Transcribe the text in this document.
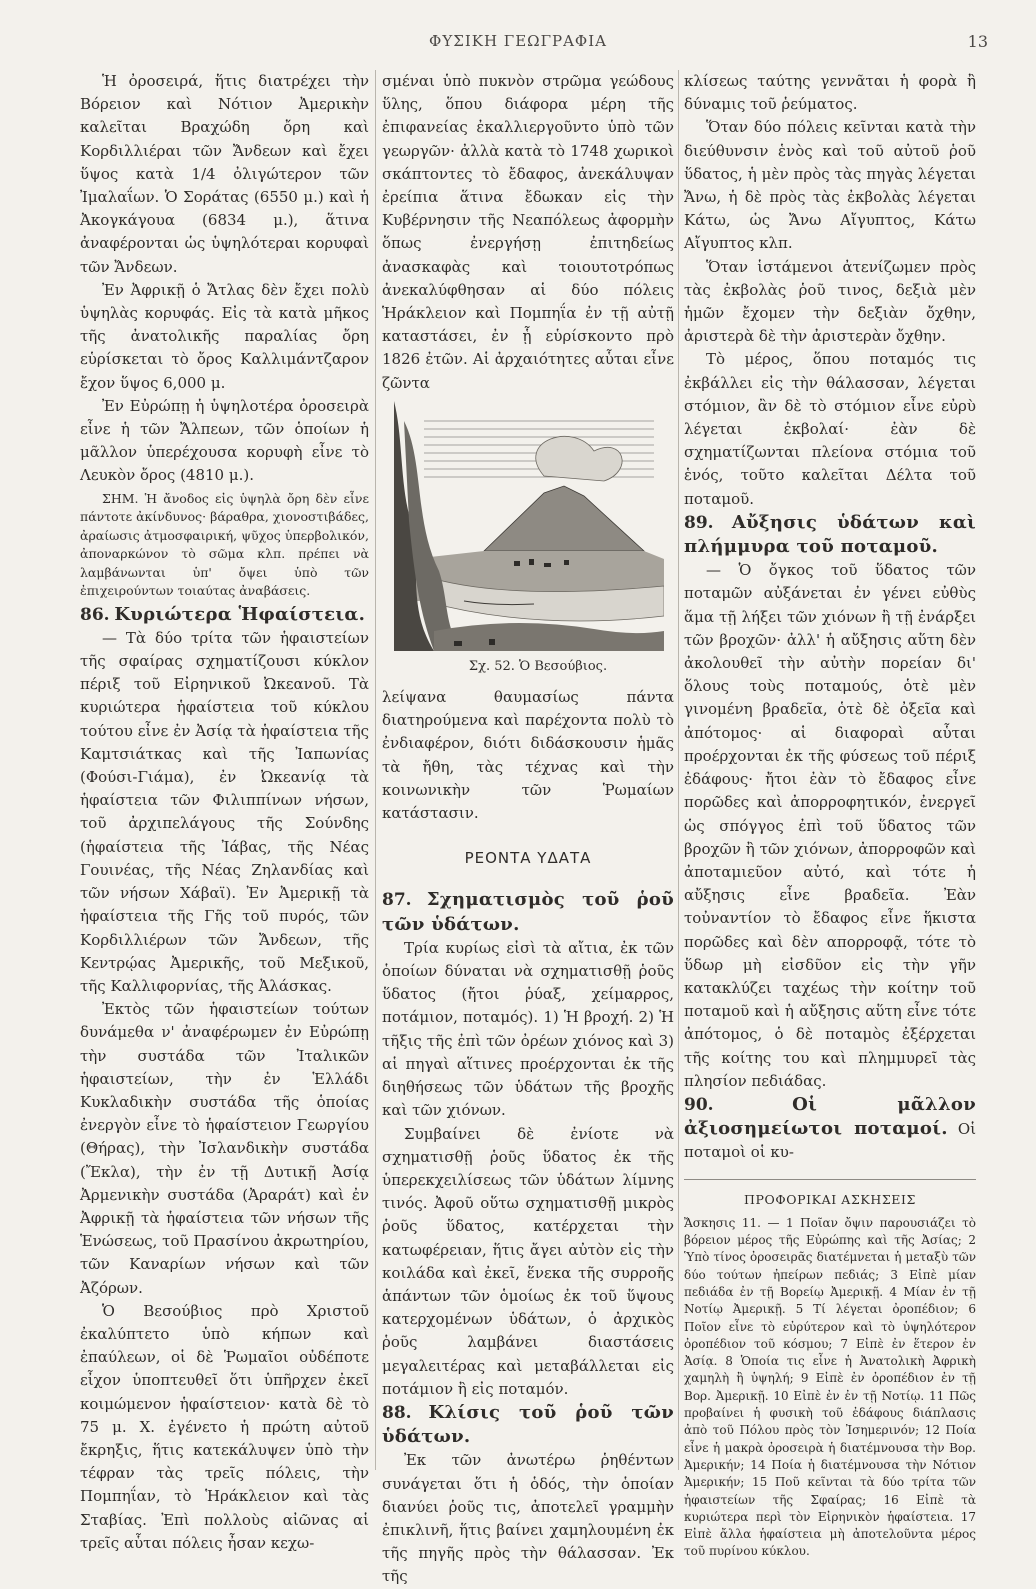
ΦΥΣΙΚΗ ΓΕΩΓΡΑΦΙΑ	13

Ἡ ὀροσειρά, ἥτις διατρέχει τὴν Βόρειον καὶ Νότιον Ἀμερικὴν καλεῖται Βραχώδη ὄρη καὶ Κορδιλλιέραι τῶν Ἄνδεων καὶ ἔχει ὕψος κατὰ 1/4 ὀλιγώτερον τῶν Ἰμαλαΐων. Ὁ Σοράτας (6550 μ.) καὶ ἡ Ἀκογκάγουα (6834 μ.), ἅτινα ἀναφέρονται ὡς ὑψηλότεραι κορυφαὶ τῶν Ἄνδεων.

Ἐν Ἀφρικῇ ὁ Ἄτλας δὲν ἔχει πολὺ ὑψηλὰς κορυφάς. Εἰς τὰ κατὰ μῆκος τῆς ἀνατολικῆς παραλίας ὄρη εὑρίσκεται τὸ ὄρος Καλλιμάντζαρον ἔχον ὕψος 6,000 μ.

Ἐν Εὐρώπῃ ἡ ὑψηλοτέρα ὀροσειρὰ εἶνε ἡ τῶν Ἄλπεων, τῶν ὁποίων ἡ μᾶλλον ὑπερέχουσα κορυφὴ εἶνε τὸ Λευκὸν ὄρος (4810 μ.).

ΣΗΜ. Ἡ ἄνοδος εἰς ὑψηλὰ ὄρη δὲν εἶνε πάντοτε ἀκίνδυνος· βάραθρα, χιονοστιβάδες, ἀραίωσις ἀτμοσφαιρική, ψῦχος ὑπερβολικόν, ἀποναρκώνον τὸ σῶμα κλπ. πρέπει νὰ λαμβάνωνται ὑπ' ὄψει ὑπὸ τῶν ἐπιχειρούντων τοιαύτας ἀναβάσεις.

86. Κυριώτερα Ἡφαίστεια.

— Τὰ δύο τρίτα τῶν ἡφαιστείων τῆς σφαίρας σχηματίζουσι κύκλον πέριξ τοῦ Εἰρηνικοῦ Ὠκεανοῦ. Τὰ κυριώτερα ἡφαίστεια τοῦ κύκλου τούτου εἶνε ἐν Ἀσίᾳ τὰ ἡφαίστεια τῆς Καμτσιάτκας καὶ τῆς Ἰαπωνίας (Φούσι-Γιάμα), ἐν Ὠκεανίᾳ τὰ ἡφαίστεια τῶν Φιλιππίνων νήσων, τοῦ ἀρχιπελάγους τῆς Σούνδης (ἡφαίστεια τῆς Ἰάβας, τῆς Νέας Γουινέας, τῆς Νέας Ζηλανδίας καὶ τῶν νήσων Χάβαϊ). Ἐν Ἀμερικῇ τὰ ἡφαίστεια τῆς Γῆς τοῦ πυρός, τῶν Κορδιλλιέρων τῶν Ἄνδεων, τῆς Κεντρῴας Ἀμερικῆς, τοῦ Μεξικοῦ, τῆς Καλλιφορνίας, τῆς Ἀλάσκας.

Ἐκτὸς τῶν ἡφαιστείων τούτων δυνάμεθα ν' ἀναφέρωμεν ἐν Εὐρώπῃ τὴν συστάδα τῶν Ἰταλικῶν ἡφαιστείων, τὴν ἐν Ἑλλάδι Κυκλαδικὴν συστάδα τῆς ὁποίας ἐνεργὸν εἶνε τὸ ἡφαίστειον Γεωργίου (Θήρας), τὴν Ἰσλανδικὴν συστάδα (Ἔκλα), τὴν ἐν τῇ Δυτικῇ Ἀσίᾳ Ἀρμενικὴν συστάδα (Ἀραράτ) καὶ ἐν Ἀφρικῇ τὰ ἡφαίστεια τῶν νήσων τῆς Ἑνώσεως, τοῦ Πρασίνου ἀκρωτηρίου, τῶν Καναρίων νήσων καὶ τῶν Ἀζόρων.

Ὁ Βεσούβιος πρὸ Χριστοῦ ἐκαλύπτετο ὑπὸ κήπων καὶ ἐπαύλεων, οἱ δὲ Ῥωμαῖοι οὐδέποτε εἶχον ὑποπτευθεῖ ὅτι ὑπῆρχεν ἐκεῖ κοιμώμενον ἡφαίστειον· κατὰ δὲ τὸ 75 μ. Χ. ἐγένετο ἡ πρώτη αὐτοῦ ἔκρηξις, ἥτις κατεκάλυψεν ὑπὸ τὴν τέφραν τὰς τρεῖς πόλεις, τὴν Πομπηΐαν, τὸ Ἡράκλειον καὶ τὰς Σταβίας. Ἐπὶ πολλοὺς αἰῶνας αἱ τρεῖς αὗται πόλεις ἦσαν κεχω-

σμέναι ὑπὸ πυκνὸν στρῶμα γεώδους ὕλης, ὅπου διάφορα μέρη τῆς ἐπιφανείας ἐκαλλιεργοῦντο ὑπὸ τῶν γεωργῶν· ἀλλὰ κατὰ τὸ 1748 χωρικοὶ σκάπτοντες τὸ ἔδαφος, ἀνεκάλυψαν ἐρείπια ἅτινα ἔδωκαν εἰς τὴν Κυβέρνησιν τῆς Νεαπόλεως ἀφορμὴν ὅπως ἐνεργήσῃ ἐπιτηδείως ἀνασκαφὰς καὶ τοιουτοτρόπως ἀνεκαλύφθησαν αἱ δύο πόλεις Ἡράκλειον καὶ Πομπηΐα ἐν τῇ αὐτῇ καταστάσει, ἐν ᾗ εὑρίσκοντο πρὸ 1826 ἐτῶν. Αἱ ἀρχαιότητες αὗται εἶνε ζῶντα

Σχ. 52. Ὁ Βεσούβιος.

λείψανα θαυμασίως πάντα διατηρούμενα καὶ παρέχοντα πολὺ τὸ ἐνδιαφέρον, διότι διδάσκουσιν ἡμᾶς τὰ ἤθη, τὰς τέχνας καὶ τὴν κοινωνικὴν τῶν Ῥωμαίων κατάστασιν.

ΡΕΟΝΤΑ ΥΔΑΤΑ

87. Σχηματισμὸς τοῦ ῥοῦ τῶν ὑδάτων.

Τρία κυρίως εἰσὶ τὰ αἴτια, ἐκ τῶν ὁποίων δύναται νὰ σχηματισθῇ ῥοῦς ὕδατος (ἤτοι ῥύαξ, χείμαρρος, ποτάμιον, ποταμός). 1) Ἡ βροχή. 2) Ἡ τῆξις τῆς ἐπὶ τῶν ὀρέων χιόνος καὶ 3) αἱ πηγαὶ αἵτινες προέρχονται ἐκ τῆς διηθήσεως τῶν ὑδάτων τῆς βροχῆς καὶ τῶν χιόνων.

Συμβαίνει δὲ ἐνίοτε νὰ σχηματισθῇ ῥοῦς ὕδατος ἐκ τῆς ὑπερεκχειλίσεως τῶν ὑδάτων λίμνης τινός. Ἀφοῦ οὕτω σχηματισθῇ μικρὸς ῥοῦς ὕδατος, κατέρχεται τὴν κατωφέρειαν, ἥτις ἄγει αὐτὸν εἰς τὴν κοιλάδα καὶ ἐκεῖ, ἕνεκα τῆς συρροῆς ἁπάντων τῶν ὁμοίως ἐκ τοῦ ὕψους κατερχομένων ὑδάτων, ὁ ἀρχικὸς ῥοῦς λαμβάνει διαστάσεις μεγαλειτέρας καὶ μεταβάλλεται εἰς ποτάμιον ἢ εἰς ποταμόν.

88. Κλίσις τοῦ ῥοῦ τῶν ὑδάτων.

Ἐκ τῶν ἀνωτέρω ῥηθέντων συνάγεται ὅτι ἡ ὁδός, τὴν ὁποίαν διανύει ῥοῦς τις, ἀποτελεῖ γραμμὴν ἐπικλινῆ, ἥτις βαίνει χαμηλουμένη ἐκ τῆς πηγῆς πρὸς τὴν θάλασσαν. Ἐκ τῆς

κλίσεως ταύτης γεννᾶται ἡ φορὰ ἢ δύναμις τοῦ ῥεύματος.

Ὅταν δύο πόλεις κεῖνται κατὰ τὴν διεύθυνσιν ἑνὸς καὶ τοῦ αὐτοῦ ῥοῦ ὕδατος, ἡ μὲν πρὸς τὰς πηγὰς λέγεται Ἄνω, ἡ δὲ πρὸς τὰς ἐκβολὰς λέγεται Κάτω, ὡς Ἄνω Αἴγυπτος, Κάτω Αἴγυπτος κλπ.

Ὅταν ἱστάμενοι ἀτενίζωμεν πρὸς τὰς ἐκβολὰς ῥοῦ τινος, δεξιὰ μὲν ἡμῶν ἔχομεν τὴν δεξιὰν ὄχθην, ἀριστερὰ δὲ τὴν ἀριστερὰν ὄχθην.

Τὸ μέρος, ὅπου ποταμός τις ἐκβάλλει εἰς τὴν θάλασσαν, λέγεται στόμιον, ἂν δὲ τὸ στόμιον εἶνε εὐρὺ λέγεται ἐκβολαί· ἐὰν δὲ σχηματίζωνται πλείονα στόμια τοῦ ἑνός, τοῦτο καλεῖται Δέλτα τοῦ ποταμοῦ.

89. Αὔξησις ὑδάτων καὶ πλήμμυρα τοῦ ποταμοῦ.

— Ὁ ὄγκος τοῦ ὕδατος τῶν ποταμῶν αὐξάνεται ἐν γένει εὐθὺς ἅμα τῇ λήξει τῶν χιόνων ἢ τῇ ἐνάρξει τῶν βροχῶν· ἀλλ' ἡ αὔξησις αὕτη δὲν ἀκολουθεῖ τὴν αὐτὴν πορείαν δι' ὅλους τοὺς ποταμούς, ὁτὲ μὲν γινομένη βραδεῖα, ὁτὲ δὲ ὀξεῖα καὶ ἀπότομος· αἱ διαφοραὶ αὗται προέρχονται ἐκ τῆς φύσεως τοῦ πέριξ ἐδάφους· ἤτοι ἐὰν τὸ ἔδαφος εἶνε πορῶδες καὶ ἀπορροφητικόν, ἐνεργεῖ ὡς σπόγγος ἐπὶ τοῦ ὕδατος τῶν βροχῶν ἢ τῶν χιόνων, ἀπορροφῶν καὶ ἀποταμιεῦον αὐτό, καὶ τότε ἡ αὔξησις εἶνε βραδεῖα. Ἐὰν τοὐναντίον τὸ ἔδαφος εἶνε ἥκιστα πορῶδες καὶ δὲν απορροφᾷ, τότε τὸ ὕδωρ μὴ εἰσδῦον εἰς τὴν γῆν κατακλύζει ταχέως τὴν κοίτην τοῦ ποταμοῦ καὶ ἡ αὔξησις αὕτη εἶνε τότε ἀπότομος, ὁ δὲ ποταμὸς ἐξέρχεται τῆς κοίτης του καὶ πλημμυρεῖ τὰς πλησίον πεδιάδας.

90.	Οἱ μᾶλλον ἀξιοσημείωτοι ποταμοί. Οἱ ποταμοὶ οἱ κυ-

ΠΡΟΦΟΡΙΚΑΙ ΑΣΚΗΣΕΙΣ

Ἄσκησις 11. — 1 Ποῖαν ὄψιν παρουσιάζει τὸ βόρειον μέρος τῆς Εὐρώπης καὶ τῆς Ἀσίας; 2 Ὑπὸ τίνος ὀροσειρᾶς διατέμνεται ἡ μεταξὺ τῶν δύο τούτων ἠπείρων πεδιάς; 3 Εἰπὲ μίαν πεδιάδα ἐν τῇ Βορείῳ Ἀμερικῇ. 4 Μίαν ἐν τῇ Νοτίῳ Ἀμερικῇ. 5 Τί λέγεται ὀροπέδιον; 6 Ποῖον εἶνε τὸ εὐρύτερον καὶ τὸ ὑψηλότερον ὀροπέδιον τοῦ κόσμου; 7 Εἰπὲ ἐν ἕτερον ἐν Ἀσίᾳ. 8 Ὁποία τις εἶνε ἡ Ἀνατολικὴ Ἀφρικὴ χαμηλὴ ἢ ὑψηλή; 9 Εἰπὲ ἐν ὀροπέδιον ἐν τῇ Βορ. Ἀμερικῇ. 10 Εἰπὲ ἐν ἐν τῇ Νοτίῳ. 11 Πῶς προβαίνει ἡ φυσικὴ τοῦ ἐδάφους διάπλασις ἀπὸ τοῦ Πόλου πρὸς τὸν Ἰσημερινόν; 12 Ποία εἶνε ἡ μακρὰ ὀροσειρὰ ἡ διατέμνουσα τὴν Βορ. Ἀμερικήν; 14 Ποία ἡ διατέμνουσα τὴν Νότιον Ἀμερικήν; 15 Ποῦ κεῖνται τὰ δύο τρίτα τῶν ἡφαιστείων τῆς Σφαίρας; 16 Εἰπὲ τὰ κυριώτερα περὶ τὸν Εἰρηνικὸν ἡφαίστεια. 17 Εἰπὲ ἄλλα ἡφαίστεια μὴ ἀποτελοῦντα μέρος τοῦ πυρίνου κύκλου.
